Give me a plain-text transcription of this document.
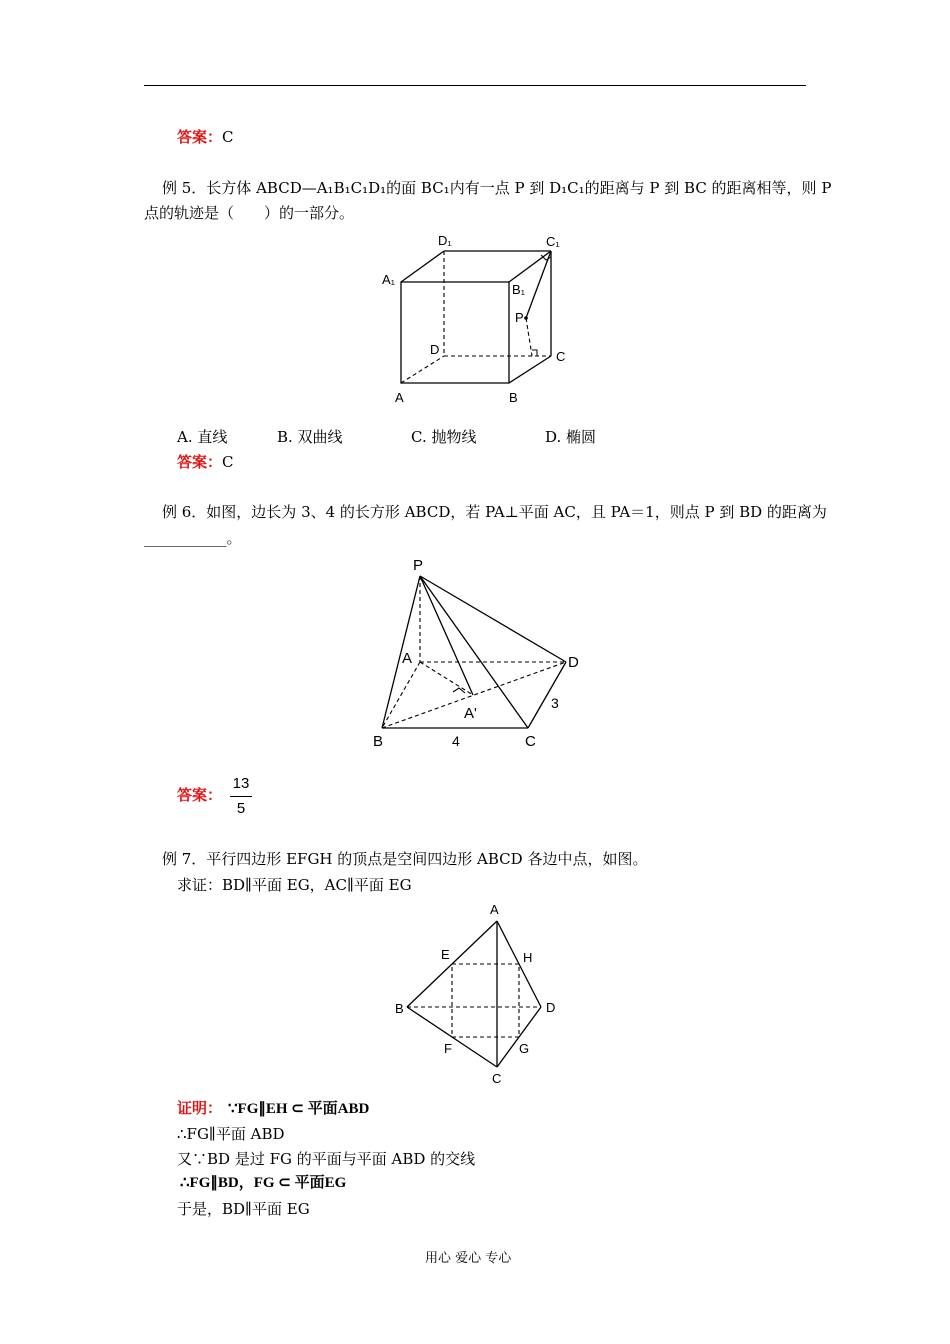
答案：C
例 5．长方体 ABCD—A₁B₁C₁D₁的面 BC₁内有一点 P 到 D₁C₁的距离与 P 到 BC 的距离相等，则 P
点的轨迹是（　　）的一部分。
D₁	C₁
A₁
B₁
P
D	C
A	B
A. 直线	B. 双曲线	C. 抛物线	D. 椭圆
答案：C
例 6．如图，边长为 3、4 的长方形 ABCD，若 PA⊥平面 AC，且 PA＝1，则点 P 到 BD 的距离为
___________。
P
A
A'
D
3
B	4	C
答案：
13
5
例 7．平行四边形 EFGH 的顶点是空间四边形 ABCD 各边中点，如图。
求证：BD∥平面 EG，AC∥平面 EG
A
E	H
B	D
F	G
C
证明： ∵FG∥EH ⊂ 平面ABD
∴FG∥平面 ABD
又∵BD 是过 FG 的平面与平面 ABD 的交线
∴FG∥BD，FG ⊂ 平面EG
于是，BD∥平面 EG
用心 爱心 专心
